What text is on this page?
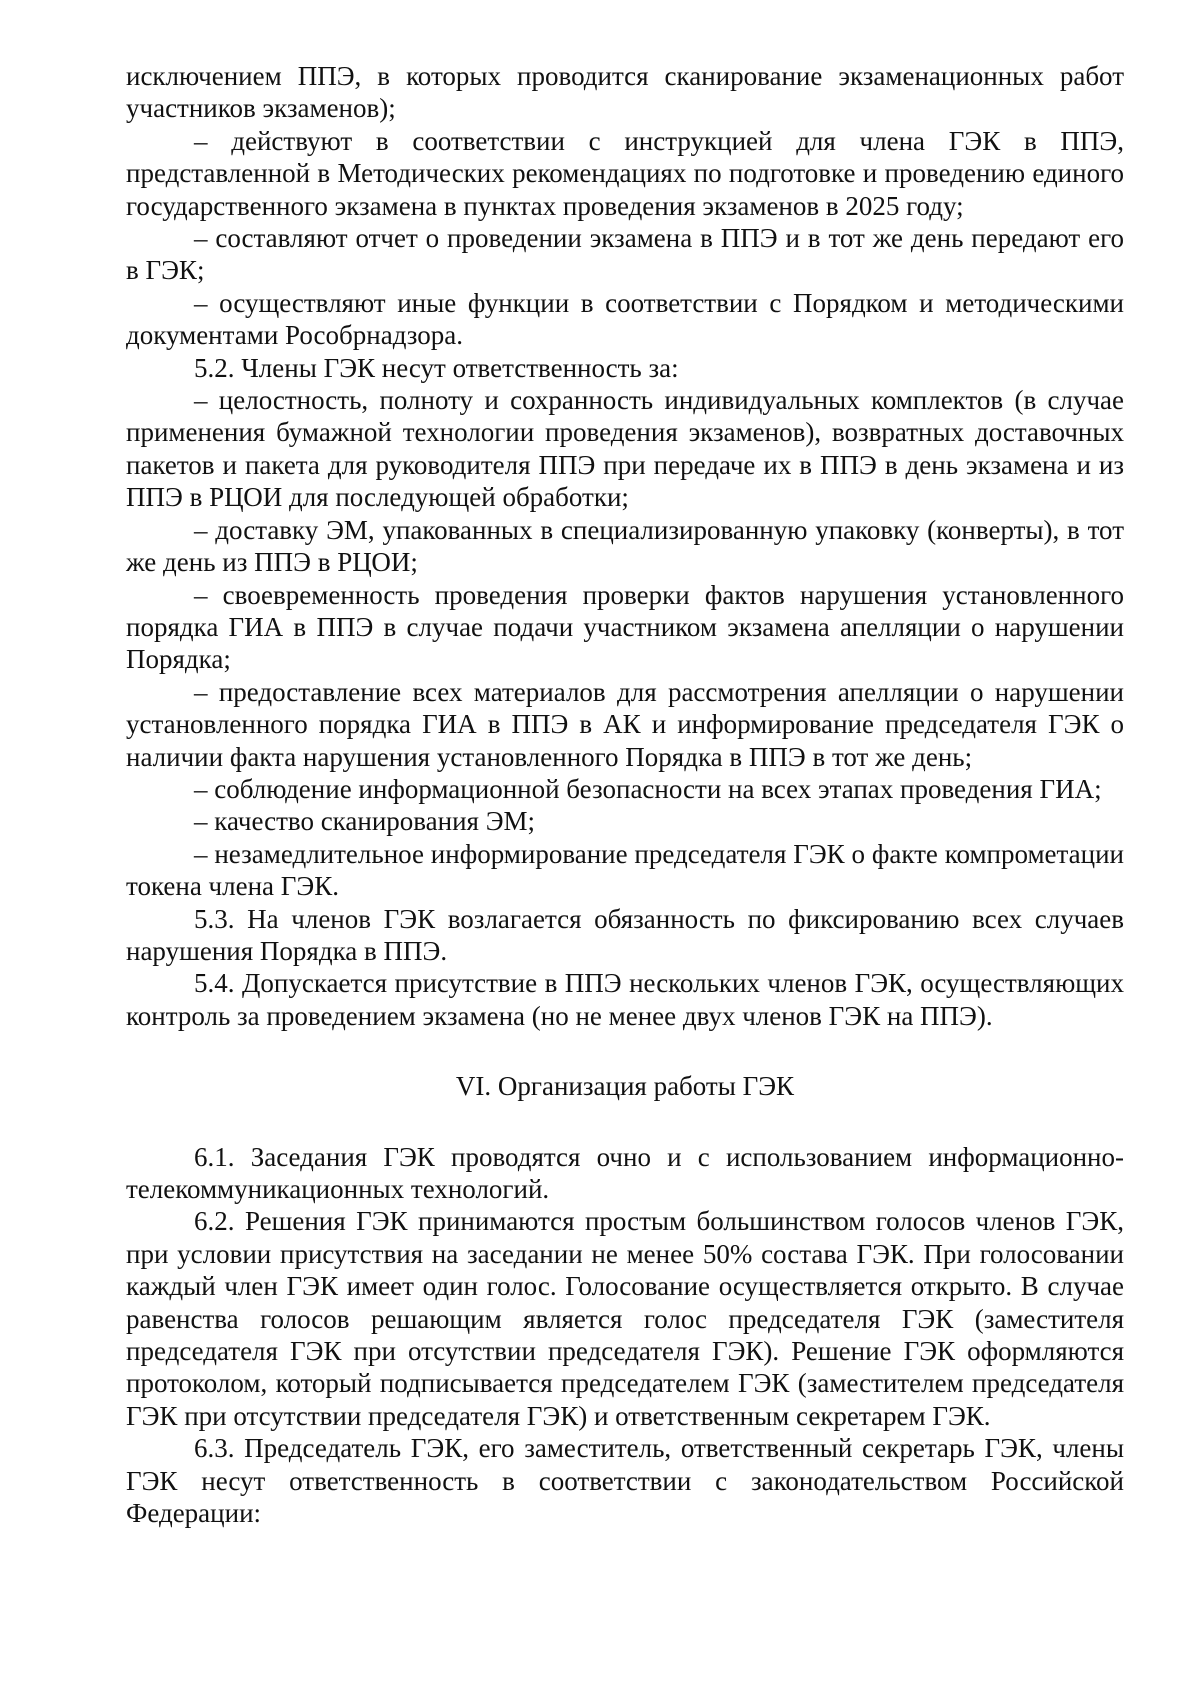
исключением ППЭ, в которых проводится сканирование экзаменационных работ участников экзаменов);

– действуют в соответствии с инструкцией для члена ГЭК в ППЭ, представленной в Методических рекомендациях по подготовке и проведению единого государственного экзамена в пунктах проведения экзаменов в 2025 году;

– составляют отчет о проведении экзамена в ППЭ и в тот же день передают его в ГЭК;

– осуществляют иные функции в соответствии с Порядком и методическими документами Рособрнадзора.

5.2. Члены ГЭК несут ответственность за:

– целостность, полноту и сохранность индивидуальных комплектов (в случае применения бумажной технологии проведения экзаменов), возвратных доставочных пакетов и пакета для руководителя ППЭ при передаче их в ППЭ в день экзамена и из ППЭ в РЦОИ для последующей обработки;

– доставку ЭМ, упакованных в специализированную упаковку (конверты), в тот же день из ППЭ в РЦОИ;

– своевременность проведения проверки фактов нарушения установленного порядка ГИА в ППЭ в случае подачи участником экзамена апелляции о нарушении Порядка;

– предоставление всех материалов для рассмотрения апелляции о нарушении установленного порядка ГИА в ППЭ в АК и информирование председателя ГЭК о наличии факта нарушения установленного Порядка в ППЭ в тот же день;

– соблюдение информационной безопасности на всех этапах проведения ГИА;

– качество сканирования ЭМ;

– незамедлительное информирование председателя ГЭК о факте компрометации токена члена ГЭК.

5.3. На членов ГЭК возлагается обязанность по фиксированию всех случаев нарушения Порядка в ППЭ.

5.4. Допускается присутствие в ППЭ нескольких членов ГЭК, осуществляющих контроль за проведением экзамена (но не менее двух членов ГЭК на ППЭ).

VI. Организация работы ГЭК

6.1. Заседания ГЭК проводятся очно и с использованием информационно-телекоммуникационных технологий.

6.2. Решения ГЭК принимаются простым большинством голосов членов ГЭК, при условии присутствия на заседании не менее 50% состава ГЭК. При голосовании каждый член ГЭК имеет один голос. Голосование осуществляется открыто. В случае равенства голосов решающим является голос председателя ГЭК (заместителя председателя ГЭК при отсутствии председателя ГЭК). Решение ГЭК оформляются протоколом, который подписывается председателем ГЭК (заместителем председателя ГЭК при отсутствии председателя ГЭК) и ответственным секретарем ГЭК.

6.3. Председатель ГЭК, его заместитель, ответственный секретарь ГЭК, члены ГЭК несут ответственность в соответствии с законодательством Российской Федерации:
